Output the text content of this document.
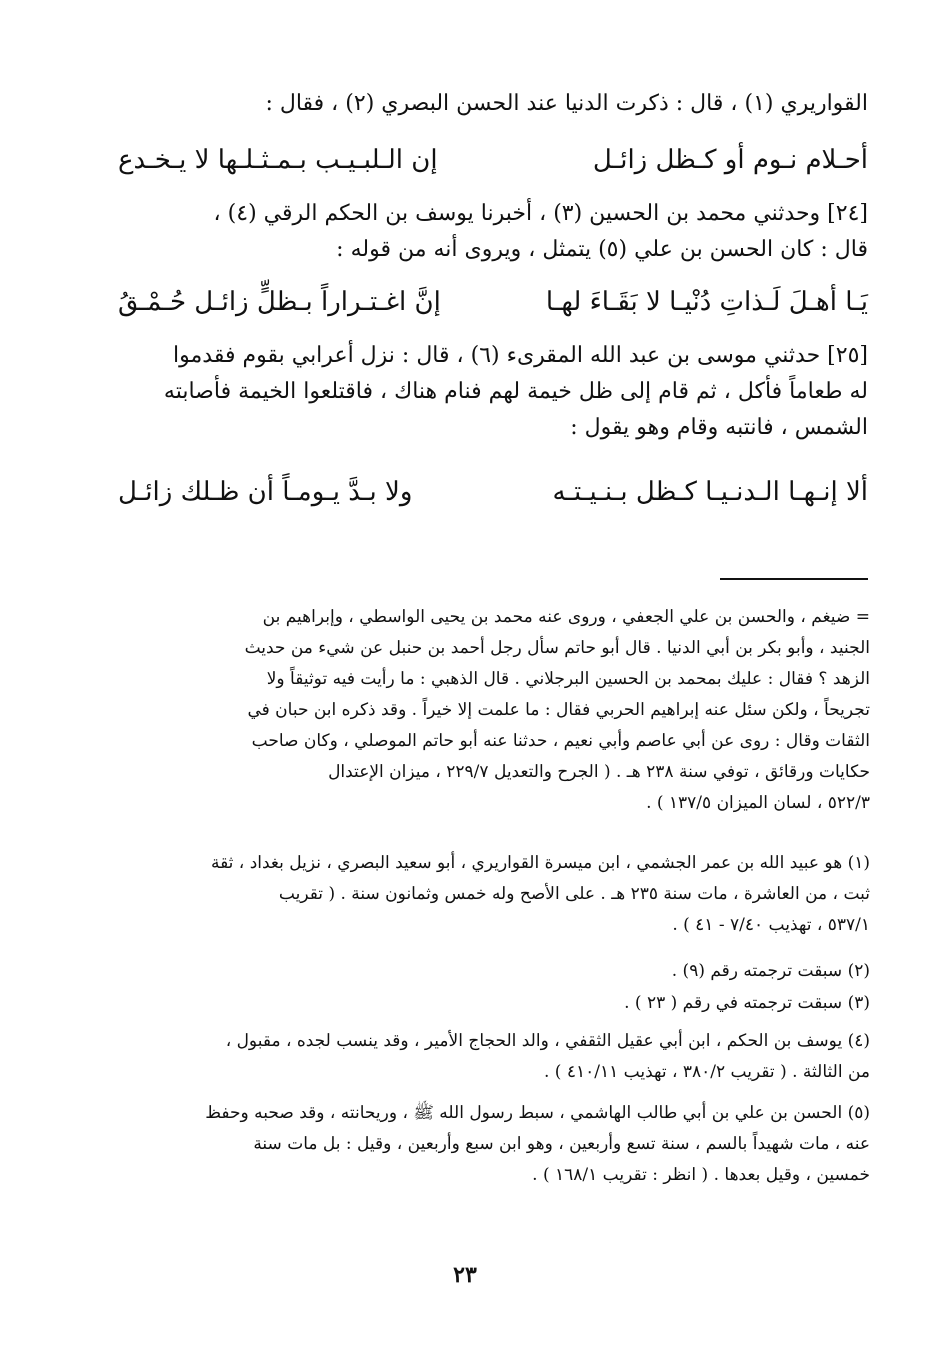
القواريري (١) ، قال : ذكرت الدنيا عند الحسن البصري (٢) ، فقال :
أحـلام نـوم أو كـظل زائـل
إن الـلبـيـب بـمـثـلـها لا يـخـدع
[٢٤] وحدثني محمد بن الحسين (٣) ، أخبرنا يوسف بن الحكم الرقي (٤) ،
قال : كان الحسن بن علي (٥) يتمثل ، ويروى أنه من قوله :
يَـا أهـلَ لَـذاتِ دُنْيـا لا بَقَـاءَ لهـا
إنَّ اغـتـراراً بـظلٍّ زائـل حُـمْـقُ
[٢٥] حدثني موسى بن عبد الله المقرىء (٦) ، قال : نزل أعرابي بقوم فقدموا
له طعاماً فأكل ، ثم قام إلى ظل خيمة لهم فنام هناك ، فاقتلعوا الخيمة فأصابته
الشمس ، فانتبه وقام وهو يقول :
ألا إنـهـا الـدنـيـا كـظل بـنـيـتـه
ولا بـدَّ يـومـاً أن ظـلك زائـل
= ضيغم ، والحسن بن علي الجعفي ، وروى عنه محمد بن يحيى الواسطي ، وإبراهيم بن
الجنيد ، وأبو بكر بن أبي الدنيا . قال أبو حاتم سأل رجل أحمد بن حنبل عن شيء من حديث
الزهد ؟ فقال : عليك بمحمد بن الحسين البرجلاني . قال الذهبي : ما رأيت فيه توثيقاً ولا
تجريحاً ، ولكن سئل عنه إبراهيم الحربي فقال : ما علمت إلا خيراً . وقد ذكره ابن حبان في
الثقات وقال : روى عن أبي عاصم وأبي نعيم ، حدثنا عنه أبو حاتم الموصلي ، وكان صاحب
حكايات ورقائق ، توفي سنة ٢٣٨ هـ . ( الجرح والتعديل ٢٢٩/٧ ، ميزان الإعتدال
٥٢٢/٣ ، لسان الميزان ١٣٧/٥ ) .
(١) هو عبيد الله بن عمر الجشمي ، ابن ميسرة القواريري ، أبو سعيد البصري ، نزيل بغداد ، ثقة
ثبت ، من العاشرة ، مات سنة ٢٣٥ هـ . على الأصح وله خمس وثمانون سنة . ( تقريب
٥٣٧/١ ، تهذيب ٧/٤٠ - ٤١ ) .
(٢) سبقت ترجمته رقم (٩) .
(٣) سبقت ترجمته في رقم ( ٢٣ ) .
(٤) يوسف بن الحكم ، ابن أبي عقيل الثقفي ، والد الحجاج الأمير ، وقد ينسب لجده ، مقبول ،
من الثالثة . ( تقريب ٣٨٠/٢ ، تهذيب ٤١٠/١١ ) .
(٥) الحسن بن علي بن أبي طالب الهاشمي ، سبط رسول الله ﷺ ، وريحانته ، وقد صحبه وحفظ
عنه ، مات شهيداً بالسم ، سنة تسع وأربعين ، وهو ابن سبع وأربعين ، وقيل : بل مات سنة
خمسين ، وقيل بعدها . ( انظر : تقريب ١٦٨/١ ) .
٢٣
